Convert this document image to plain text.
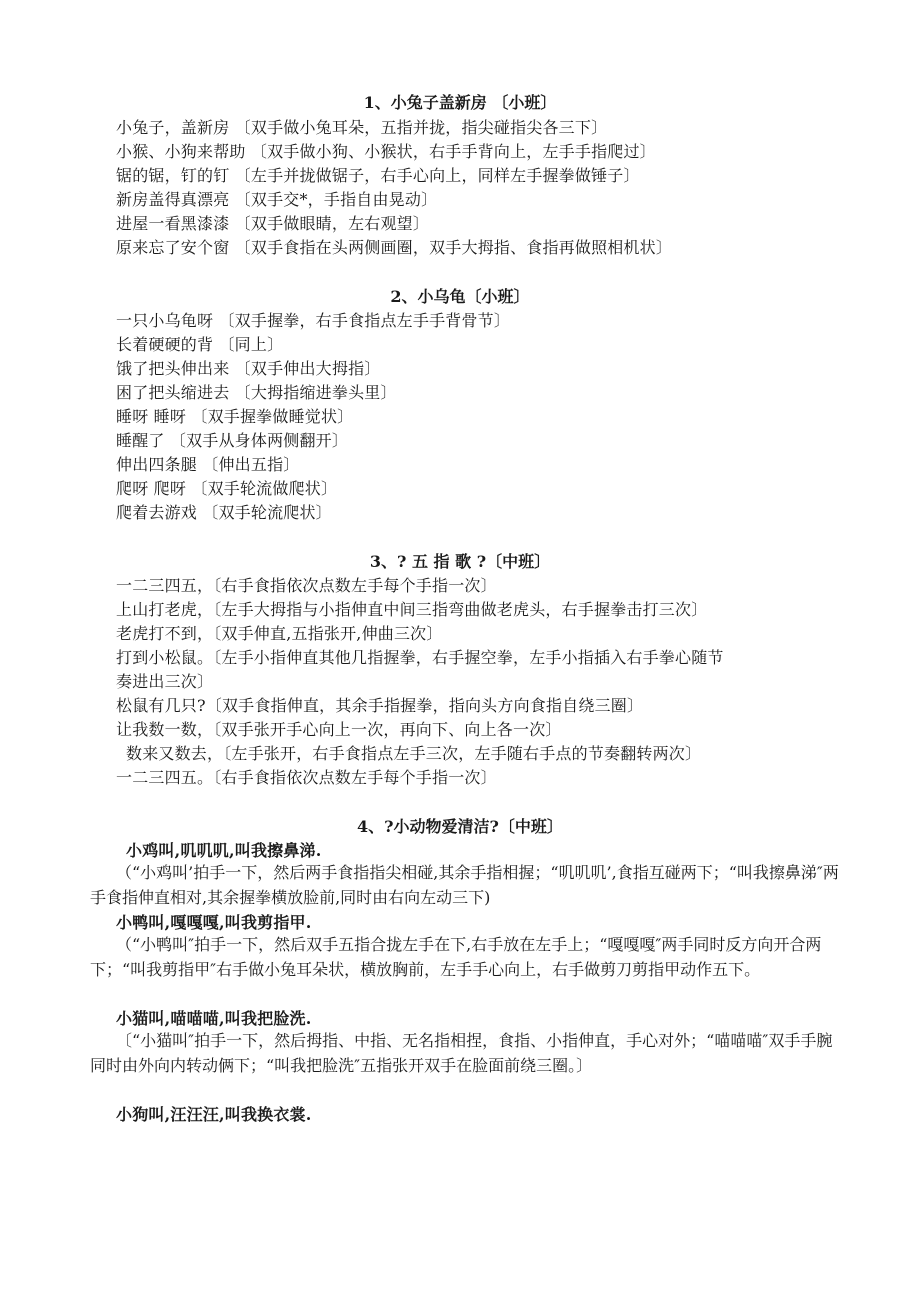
1、小兔子盖新房 〔小班〕
小兔子，盖新房 〔双手做小兔耳朵，五指并拢，指尖碰指尖各三下〕
小猴、小狗来帮助 〔双手做小狗、小猴状，右手手背向上，左手手指爬过〕
锯的锯，钉的钉 〔左手并拢做锯子，右手心向上，同样左手握拳做锤子〕
新房盖得真漂亮 〔双手交*，手指自由晃动〕
进屋一看黑漆漆 〔双手做眼睛，左右观望〕
原来忘了安个窗 〔双手食指在头两侧画圈，双手大拇指、食指再做照相机状〕
2、小乌龟〔小班〕
一只小乌龟呀 〔双手握拳，右手食指点左手手背骨节〕
长着硬硬的背 〔同上〕
饿了把头伸出来 〔双手伸出大拇指〕
困了把头缩进去 〔大拇指缩进拳头里〕
睡呀 睡呀 〔双手握拳做睡觉状〕
睡醒了 〔双手从身体两侧翻开〕
伸出四条腿 〔伸出五指〕
爬呀 爬呀 〔双手轮流做爬状〕
爬着去游戏 〔双手轮流爬状〕
3、? 五 指 歌 ?〔中班〕
一二三四五，〔右手食指依次点数左手每个手指一次〕
上山打老虎，〔左手大拇指与小指伸直中间三指弯曲做老虎头，右手握拳击打三次〕
老虎打不到，〔双手伸直,五指张开,伸曲三次〕
打到小松鼠。〔左手小指伸直其他几指握拳，右手握空拳，左手小指插入右手拳心随节
奏进出三次〕
松鼠有几只?〔双手食指伸直，其余手指握拳，指向头方向食指自绕三圈〕
让我数一数，〔双手张开手心向上一次，再向下、向上各一次〕
数来又数去，〔左手张开，右手食指点左手三次，左手随右手点的节奏翻转两次〕
一二三四五。〔右手食指依次点数左手每个手指一次〕
4、?小动物爱清洁?〔中班〕
小鸡叫,叽叽叽,叫我擦鼻涕.
（“小鸡叫’拍手一下，然后两手食指指尖相碰,其余手指相握；“叽叽叽’,食指互碰两下；“叫我擦鼻涕″两手食指伸直相对,其余握拳横放脸前,同时由右向左动三下)
小鸭叫,嘎嘎嘎,叫我剪指甲.
（“小鸭叫″拍手一下，然后双手五指合拢左手在下,右手放在左手上；“嘎嘎嘎″两手同时反方向开合两下；“叫我剪指甲″右手做小兔耳朵状，横放胸前，左手手心向上，右手做剪刀剪指甲动作五下。
小猫叫,喵喵喵,叫我把脸洗.
〔“小猫叫″拍手一下，然后拇指、中指、无名指相捏，食指、小指伸直，手心对外；“喵喵喵″双手手腕同时由外向内转动俩下；“叫我把脸洗″五指张开双手在脸面前绕三圈。〕
小狗叫,汪汪汪,叫我换衣裳.
